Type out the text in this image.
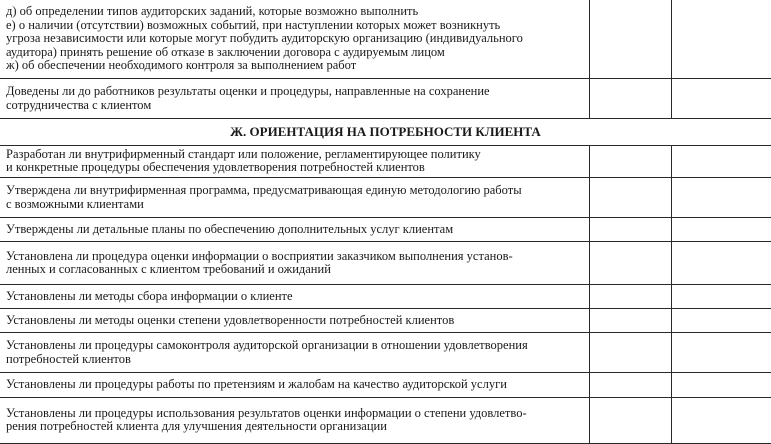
д) об определении типов аудиторских заданий, которые возможно выполнить
е) о наличии (отсутствии) возможных событий, при наступлении которых может возникнуть
угроза независимости или которые могут побудить аудиторскую организацию (индивидуального
аудитора) принять решение об отказе в заключении договора с аудируемым лицом
ж) об обеспечении необходимого контроля за выполнением работ		

Доведены ли до работников результаты оценки и процедуры, направленные на сохранение
сотрудничества с клиентом		

Ж. ОРИЕНТАЦИЯ НА ПОТРЕБНОСТИ КЛИЕНТА		

Разработан ли внутрифирменный стандарт или положение, регламентирующее политику
и конкретные процедуры обеспечения удовлетворения потребностей клиентов		

Утверждена ли внутрифирменная программа, предусматривающая единую методологию работы
с возможными клиентами		

Утверждены ли детальные планы по обеспечению дополнительных услуг клиентам		

Установлена ли процедура оценки информации о восприятии заказчиком выполнения установ-
ленных и согласованных с клиентом требований и ожиданий		

Установлены ли методы сбора информации о клиенте		

Установлены ли методы оценки степени удовлетворенности потребностей клиентов		

Установлены ли процедуры самоконтроля аудиторской организации в отношении удовлетворения
потребностей клиентов		

Установлены ли процедуры работы по претензиям и жалобам на качество аудиторской услуги		

Установлены ли процедуры использования результатов оценки информации о степени удовлетво-
рения потребностей клиента для улучшения деятельности организации		
